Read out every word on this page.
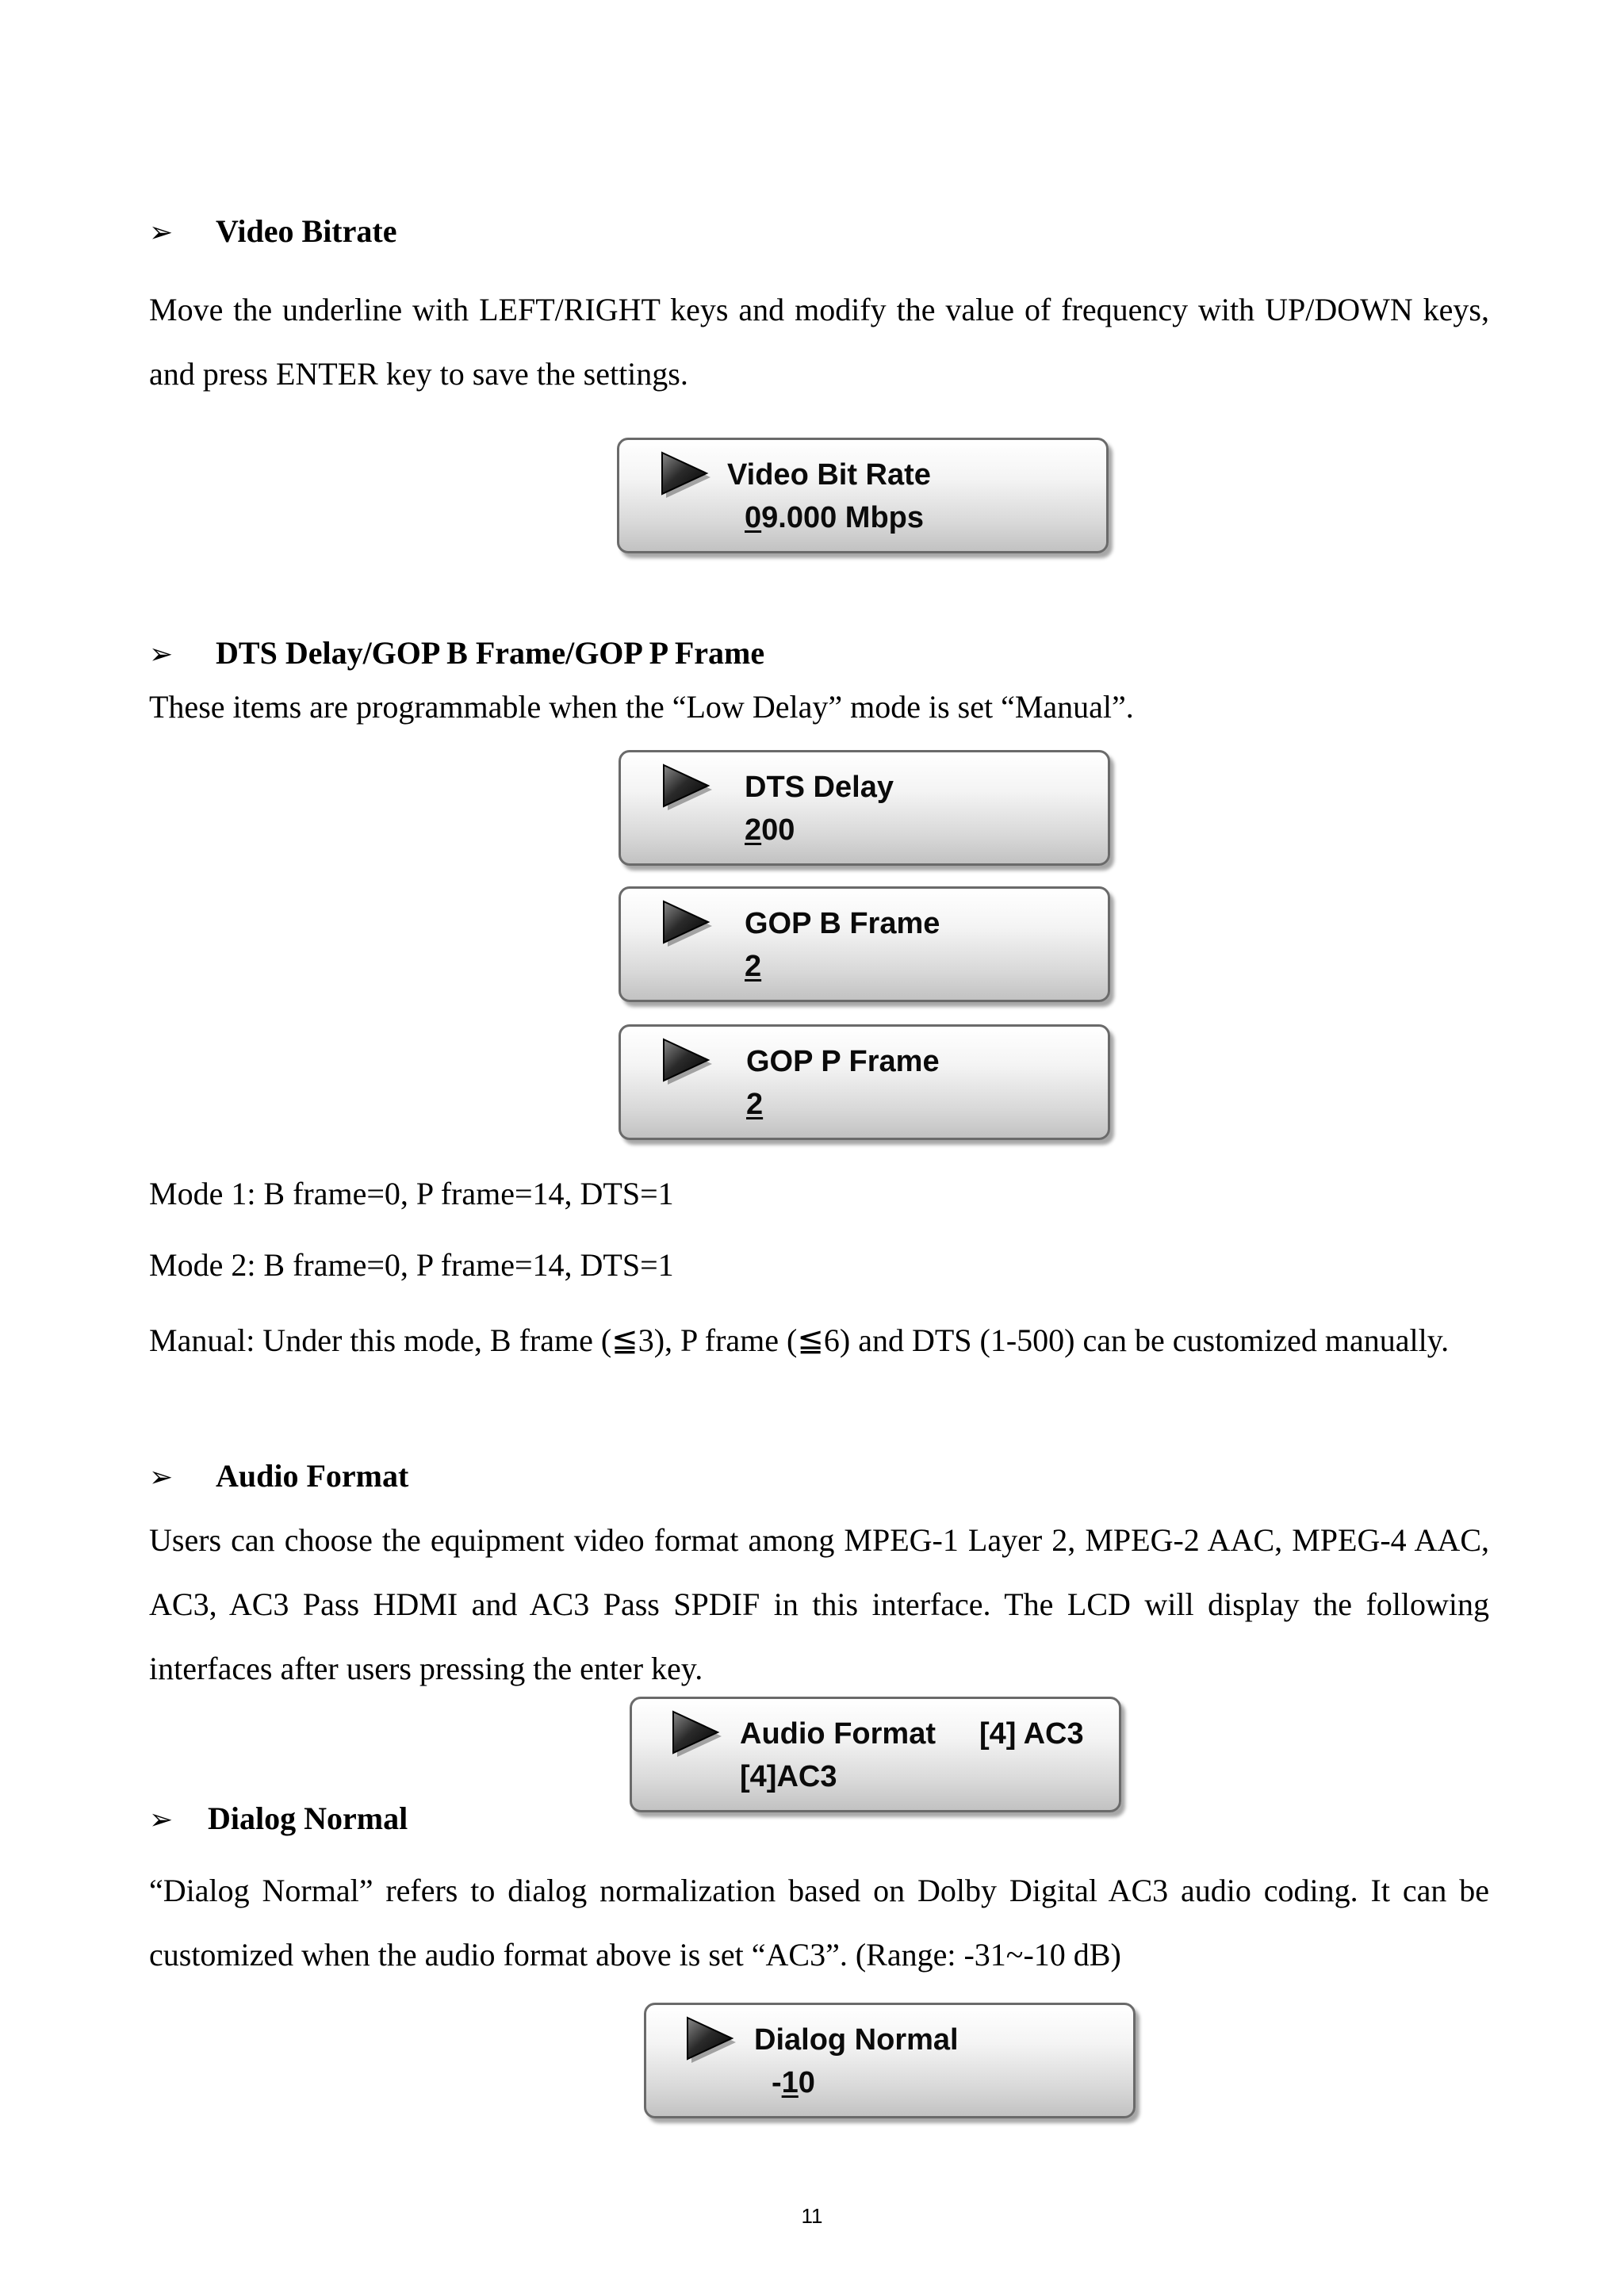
➢ Video Bitrate
Move the underline with LEFT/RIGHT keys and modify the value of frequency with UP/DOWN keys, and press ENTER key to save the settings.
Video Bit Rate
09.000 Mbps
➢ DTS Delay/GOP B Frame/GOP P Frame
These items are programmable when the “Low Delay” mode is set “Manual”.
DTS Delay
200
GOP B Frame
2
GOP P Frame
2
Mode 1: B frame=0, P frame=14, DTS=1
Mode 2: B frame=0, P frame=14, DTS=1
Manual: Under this mode, B frame (≦3), P frame (≦6) and DTS (1-500) can be customized manually.
➢ Audio Format
Users can choose the equipment video format among MPEG-1 Layer 2, MPEG-2 AAC, MPEG-4 AAC, AC3, AC3 Pass HDMI and AC3 Pass SPDIF in this interface. The LCD will display the following interfaces after users pressing the enter key.
Audio Format [4] AC3
[4]AC3
➢ Dialog Normal
“Dialog Normal” refers to dialog normalization based on Dolby Digital AC3 audio coding. It can be customized when the audio format above is set “AC3”. (Range: -31~-10 dB)
Dialog Normal
-10
11
